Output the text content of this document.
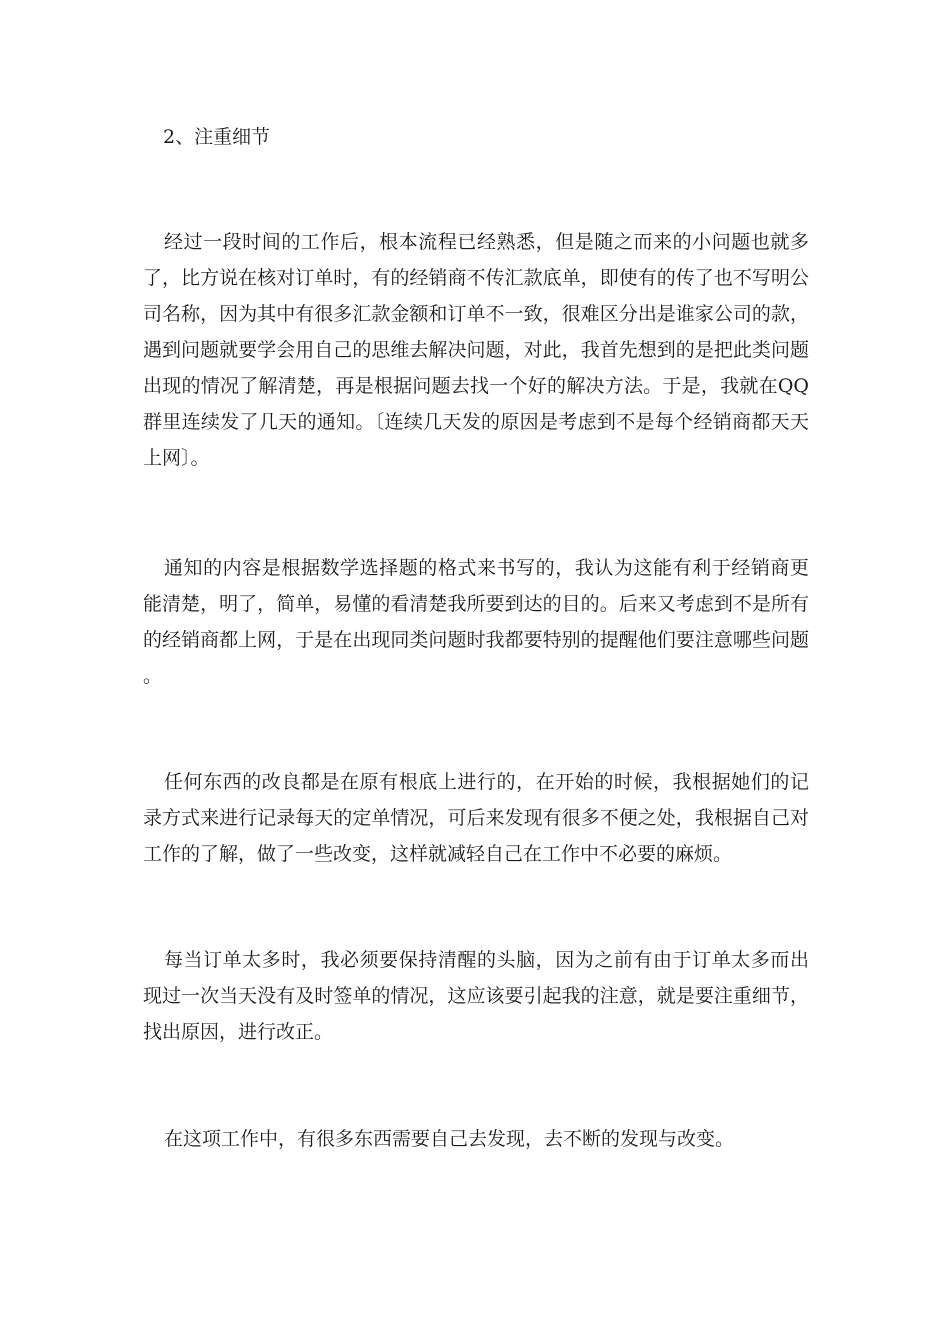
2、注重细节

经过一段时间的工作后，根本流程已经熟悉，但是随之而来的小问题也就多了，比方说在核对订单时，有的经销商不传汇款底单，即使有的传了也不写明公司名称，因为其中有很多汇款金额和订单不一致，很难区分出是谁家公司的款，遇到问题就要学会用自己的思维去解决问题，对此，我首先想到的是把此类问题出现的情况了解清楚，再是根据问题去找一个好的解决方法。于是，我就在QQ群里连续发了几天的通知。〔连续几天发的原因是考虑到不是每个经销商都天天上网〕。

通知的内容是根据数学选择题的格式来书写的，我认为这能有利于经销商更能清楚，明了，简单，易懂的看清楚我所要到达的目的。后来又考虑到不是所有的经销商都上网，于是在出现同类问题时我都要特别的提醒他们要注意哪些问题。

任何东西的改良都是在原有根底上进行的，在开始的时候，我根据她们的记录方式来进行记录每天的定单情况，可后来发现有很多不便之处，我根据自己对工作的了解，做了一些改变，这样就减轻自己在工作中不必要的麻烦。

每当订单太多时，我必须要保持清醒的头脑，因为之前有由于订单太多而出现过一次当天没有及时签单的情况，这应该要引起我的注意，就是要注重细节，找出原因，进行改正。

在这项工作中，有很多东西需要自己去发现，去不断的发现与改变。
